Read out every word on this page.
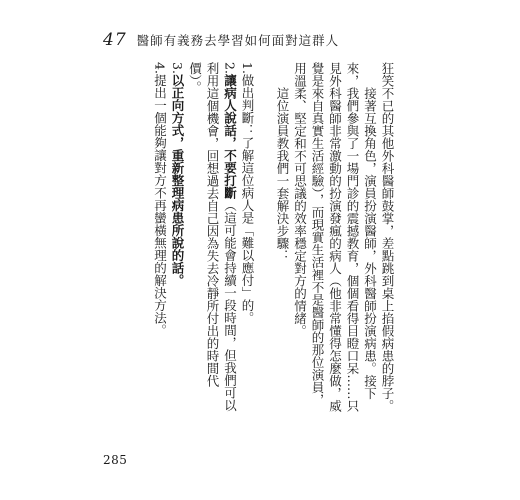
47 醫師有義務去學習如何面對這群人

狂笑不已的其他外科醫師鼓掌，差點跳到桌上掐假病患的脖子。

接著互換角色，演員扮演醫師，外科醫師扮演病患。接下來，我們參與了一場門診的震撼教育，個個看得目瞪口呆……只見外科醫師非常激動的扮演發瘋的病人（他非常懂得怎麼做，威覺是來自真實生活經驗），而現實生活裡不是醫師的那位演員，用溫柔、堅定和不可思議的效率穩定對方的情緒。

這位演員教我們一套解決步驟：

1.做出判斷：了解這位病人是「難以應付」的。

2.讓病人說話，不要打斷（這可能會持續一段時間，但我們可以利用這個機會，回想過去自己因為失去冷靜所付出的時間代價）。

3.以正向方式，重新整理病患所說的話。

4.提出一個能夠讓對方不再蠻橫無理的解決方法。

285
